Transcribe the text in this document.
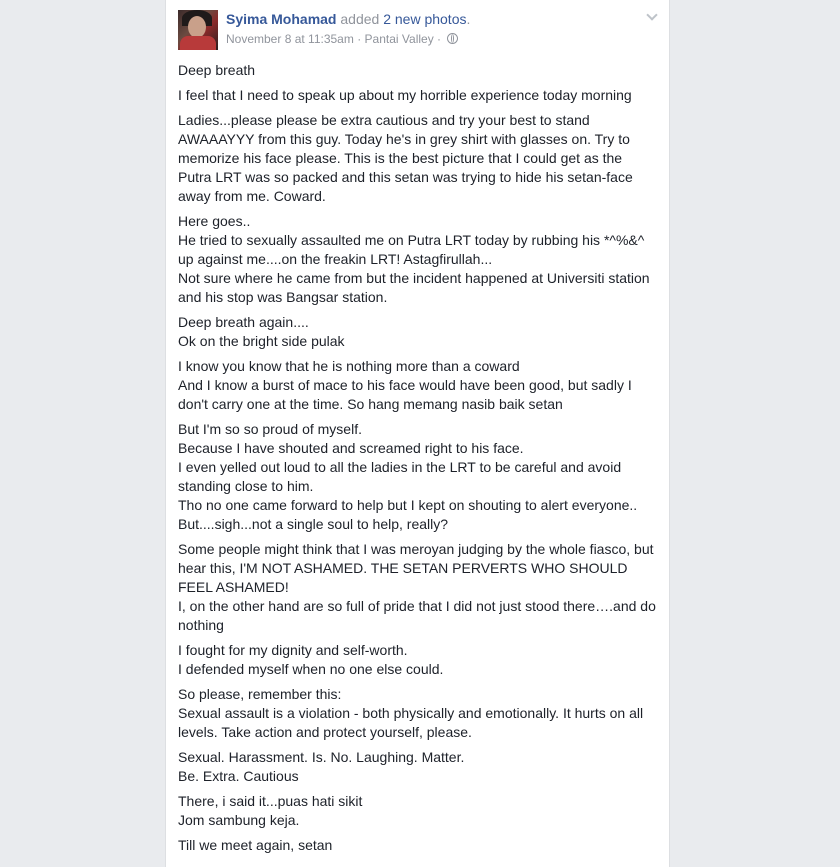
Syima Mohamad added 2 new photos.
November 8 at 11:35am · Pantai Valley ·
Deep breath
I feel that I need to speak up about my horrible experience today morning
Ladies...please please be extra cautious and try your best to stand AWAAAYYY from this guy. Today he's in grey shirt with glasses on. Try to memorize his face please. This is the best picture that I could get as the Putra LRT was so packed and this setan was trying to hide his setan-face away from me. Coward.
Here goes..
He tried to sexually assaulted me on Putra LRT today by rubbing his *^%&^ up against me....on the freakin LRT! Astagfirullah...
Not sure where he came from but the incident happened at Universiti station and his stop was Bangsar station.
Deep breath again....
Ok on the bright side pulak
I know you know that he is nothing more than a coward
And I know a burst of mace to his face would have been good, but sadly I don't carry one at the time. So hang memang nasib baik setan
But I'm so so proud of myself.
Because I have shouted and screamed right to his face.
I even yelled out loud to all the ladies in the LRT to be careful and avoid standing close to him.
Tho no one came forward to help but I kept on shouting to alert everyone..
But....sigh...not a single soul to help, really?
Some people might think that I was meroyan judging by the whole fiasco, but hear this, I'M NOT ASHAMED. THE SETAN PERVERTS WHO SHOULD FEEL ASHAMED!
I, on the other hand are so full of pride that I did not just stood there….and do nothing
I fought for my dignity and self-worth.
I defended myself when no one else could.
So please, remember this:
Sexual assault is a violation - both physically and emotionally. It hurts on all levels. Take action and protect yourself, please.
Sexual. Harassment. Is. No. Laughing. Matter.
Be. Extra. Cautious
There, i said it...puas hati sikit
Jom sambung keja.
Till we meet again, setan
